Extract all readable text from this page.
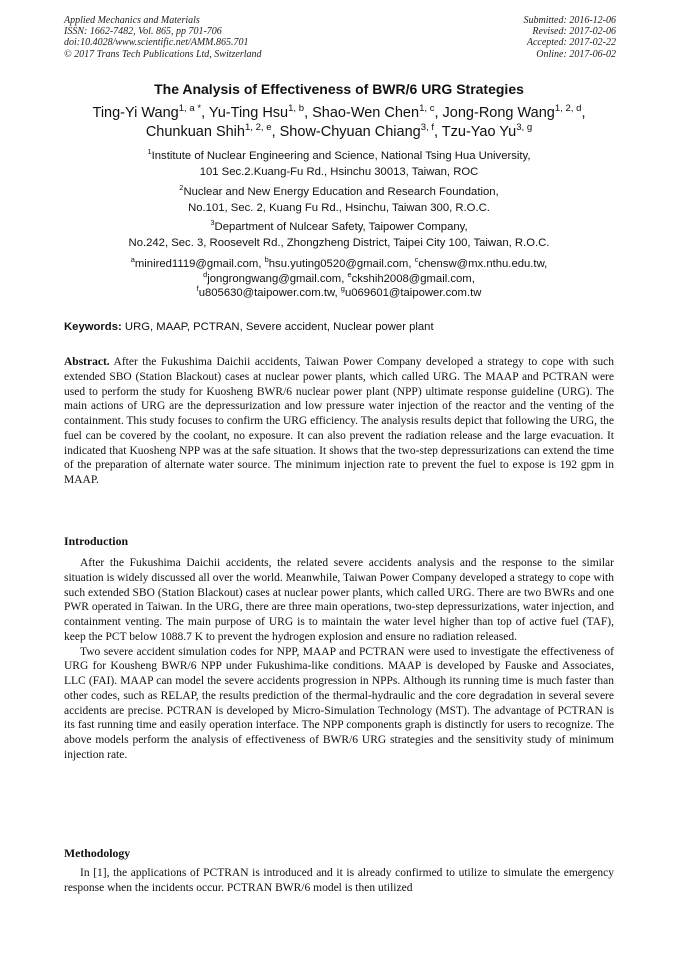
Applied Mechanics and Materials
ISSN: 1662-7482, Vol. 865, pp 701-706
doi:10.4028/www.scientific.net/AMM.865.701
© 2017 Trans Tech Publications Ltd, Switzerland
Submitted: 2016-12-06
Revised: 2017-02-06
Accepted: 2017-02-22
Online: 2017-06-02
The Analysis of Effectiveness of BWR/6 URG Strategies
Ting-Yi Wang$^{1, a *}$, Yu-Ting Hsu$^{1, b}$, Shao-Wen Chen$^{1, c}$, Jong-Rong Wang$^{1, 2, d}$,
Chunkuan Shih$^{1, 2, e}$, Show-Chyuan Chiang$^{3, f}$, Tzu-Yao Yu$^{3, g}$
$^1$Institute of Nuclear Engineering and Science, National Tsing Hua University,
101 Sec.2.Kuang-Fu Rd., Hsinchu 30013, Taiwan, ROC
$^2$Nuclear and New Energy Education and Research Foundation,
No.101, Sec. 2, Kuang Fu Rd., Hsinchu, Taiwan 300, R.O.C.
$^3$Department of Nulcear Safety, Taipower Company,
No.242, Sec. 3, Roosevelt Rd., Zhongzheng District, Taipei City 100, Taiwan, R.O.C.
$^a$minired1119@gmail.com, $^b$hsu.yuting0520@gmail.com, $^c$chensw@mx.nthu.edu.tw,
$^d$jongrongwang@gmail.com, $^e$ckshih2008@gmail.com,
$^f$u805630@taipower.com.tw, $^g$u069601@taipower.com.tw
Keywords: URG, MAAP, PCTRAN, Severe accident, Nuclear power plant

Abstract. After the Fukushima Daichii accidents, Taiwan Power Company developed a strategy to cope with such extended SBO (Station Blackout) cases at nuclear power plants, which called URG. The MAAP and PCTRAN were used to perform the study for Kuosheng BWR/6 nuclear power plant (NPP) ultimate response guideline (URG). The main actions of URG are the depressurization and low pressure water injection of the reactor and the venting of the containment. This study focuses to confirm the URG efficiency. The analysis results depict that following the URG, the fuel can be covered by the coolant, no exposure. It can also prevent the radiation release and the large evacuation. It indicated that Kuosheng NPP was at the safe situation. It shows that the two-step depressurizations can extend the time of the preparation of alternate water source. The minimum injection rate to prevent the fuel to expose is 192 gpm in MAAP.

Introduction

After the Fukushima Daichii accidents, the related severe accidents analysis and the response to the similar situation is widely discussed all over the world. Meanwhile, Taiwan Power Company developed a strategy to cope with such extended SBO (Station Blackout) cases at nuclear power plants, which called URG. There are two BWRs and one PWR operated in Taiwan. In the URG, there are three main operations, two-step depressurizations, water injection, and containment venting. The main purpose of URG is to maintain the water level higher than top of active fuel (TAF), keep the PCT below 1088.7 K to prevent the hydrogen explosion and ensure no radiation released.

Two severe accident simulation codes for NPP, MAAP and PCTRAN were used to investigate the effectiveness of URG for Kousheng BWR/6 NPP under Fukushima-like conditions. MAAP is developed by Fauske and Associates, LLC (FAI). MAAP can model the severe accidents progression in NPPs. Although its running time is much faster than other codes, such as RELAP, the results prediction of the thermal-hydraulic and the core degradation in several severe accidents are precise. PCTRAN is developed by Micro-Simulation Technology (MST). The advantage of PCTRAN is its fast running time and easily operation interface. The NPP components graph is distinctly for users to recognize. The above models perform the analysis of effectiveness of BWR/6 URG strategies and the sensitivity study of minimum injection rate.

Methodology

In [1], the applications of PCTRAN is introduced and it is already confirmed to utilize to simulate the emergency response when the incidents occur. PCTRAN BWR/6 model is then utilized
